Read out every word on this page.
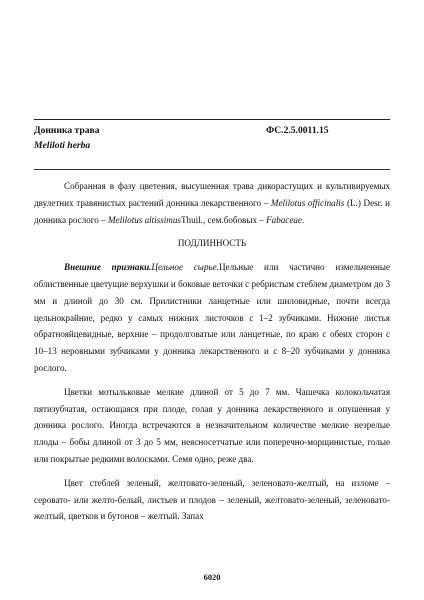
Донника трава	ФС.2.5.0011.15
Meliloti herba

Собранная в фазу цветения, высушенная трава дикорастущих и культивируемых двулетних травянистых растений донника лекарственного – Melilotus officinalis (L.) Desr. и донника рослого – Melilotus altissimusThuil., сем.бобовых – Fabaceae.

ПОДЛИННОСТЬ

Внешние признаки.Цельное сырье.Цельные или частично измельченные облиственные цветущие верхушки и боковые веточки с ребристым стеблем диаметром до 3 мм и длиной до 30 см. Прилистники ланцетные или шиловидные, почти всегда цельнокрайние, редко у самых нижних листочков с 1–2 зубчиками. Нижние листья обратнояйцевидные, верхние – продолговатые или ланцетные, по краю с обеих сторон с 10–13 неровными зубчиками у донника лекарственного и с 8–20 зубчиками у донника рослого.

Цветки мотыльковые мелкие длиной от 5 до 7 мм. Чашечка колокольчатая пятизубчатая, остающаяся при плоде, голая у донника лекарственного и опушенная у донника рослого. Иногда встречаются в незначительном количестве мелкие незрелые плоды – бобы длиной от 3 до 5 мм, неясносетчатые или поперечно-морщинистые, голые или покрытые редкими волосками. Семя одно, реже два.

Цвет стеблей зеленый, желтовато-зеленый, зеленовато-желтый, на изломе – серовато- или желто-белый, листьев и плодов – зеленый, желтовато-зеленый, зеленовато-желтый, цветков и бутонов – желтый. Запах

6020
